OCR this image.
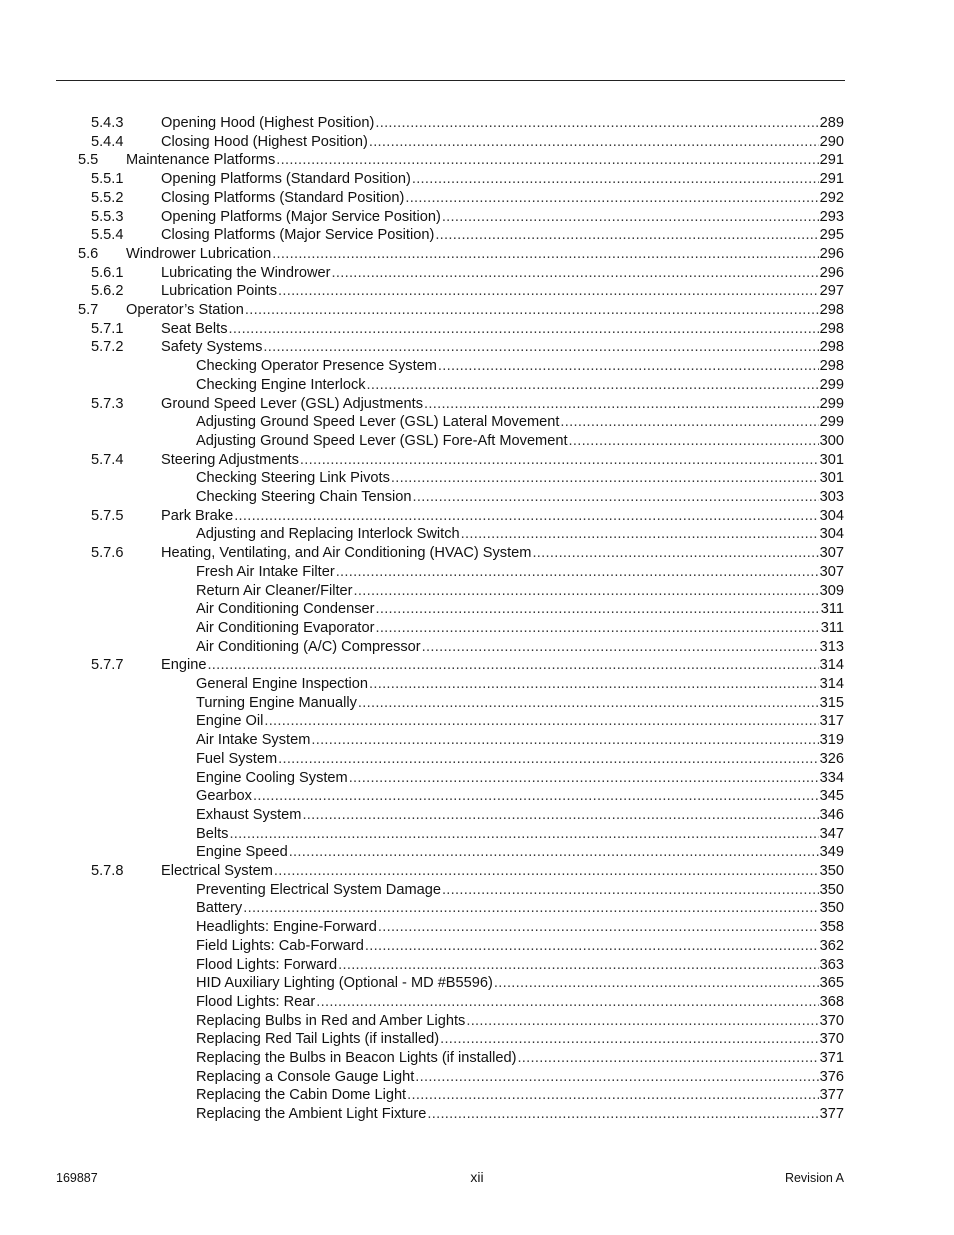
5.4.3	Opening Hood (Highest Position) .....	289
5.4.4	Closing Hood (Highest Position) .....	290
5.5 Maintenance Platforms .....	291
5.5.1	Opening Platforms (Standard Position) .....	291
5.5.2	Closing Platforms (Standard Position) .....	292
5.5.3	Opening Platforms (Major Service Position) .....	293
5.5.4	Closing Platforms (Major Service Position) .....	295
5.6 Windrower Lubrication .....	296
5.6.1	Lubricating the Windrower .....	296
5.6.2	Lubrication Points .....	297
5.7 Operator’s Station .....	298
5.7.1	Seat Belts .....	298
5.7.2	Safety Systems .....	298
Checking Operator Presence System .....	298
Checking Engine Interlock .....	299
5.7.3	Ground Speed Lever (GSL) Adjustments .....	299
Adjusting Ground Speed Lever (GSL) Lateral Movement .....	299
Adjusting Ground Speed Lever (GSL) Fore-Aft Movement .....	300
5.7.4	Steering Adjustments .....	301
Checking Steering Link Pivots .....	301
Checking Steering Chain Tension .....	303
5.7.5	Park Brake .....	304
Adjusting and Replacing Interlock Switch .....	304
5.7.6	Heating, Ventilating, and Air Conditioning (HVAC) System .....	307
Fresh Air Intake Filter .....	307
Return Air Cleaner/Filter .....	309
Air Conditioning Condenser .....	311
Air Conditioning Evaporator .....	311
Air Conditioning (A/C) Compressor .....	313
5.7.7	Engine .....	314
General Engine Inspection .....	314
Turning Engine Manually .....	315
Engine Oil .....	317
Air Intake System .....	319
Fuel System .....	326
Engine Cooling System .....	334
Gearbox .....	345
Exhaust System .....	346
Belts .....	347
Engine Speed .....	349
5.7.8	Electrical System .....	350
Preventing Electrical System Damage .....	350
Battery .....	350
Headlights: Engine-Forward .....	358
Field Lights: Cab-Forward .....	362
Flood Lights: Forward .....	363
HID Auxiliary Lighting (Optional - MD #B5596) .....	365
Flood Lights: Rear .....	368
Replacing Bulbs in Red and Amber Lights .....	370
Replacing Red Tail Lights (if installed) .....	370
Replacing the Bulbs in Beacon Lights (if installed) .....	371
Replacing a Console Gauge Light .....	376
Replacing the Cabin Dome Light .....	377
Replacing the Ambient Light Fixture .....	377
169887	xii	Revision A
